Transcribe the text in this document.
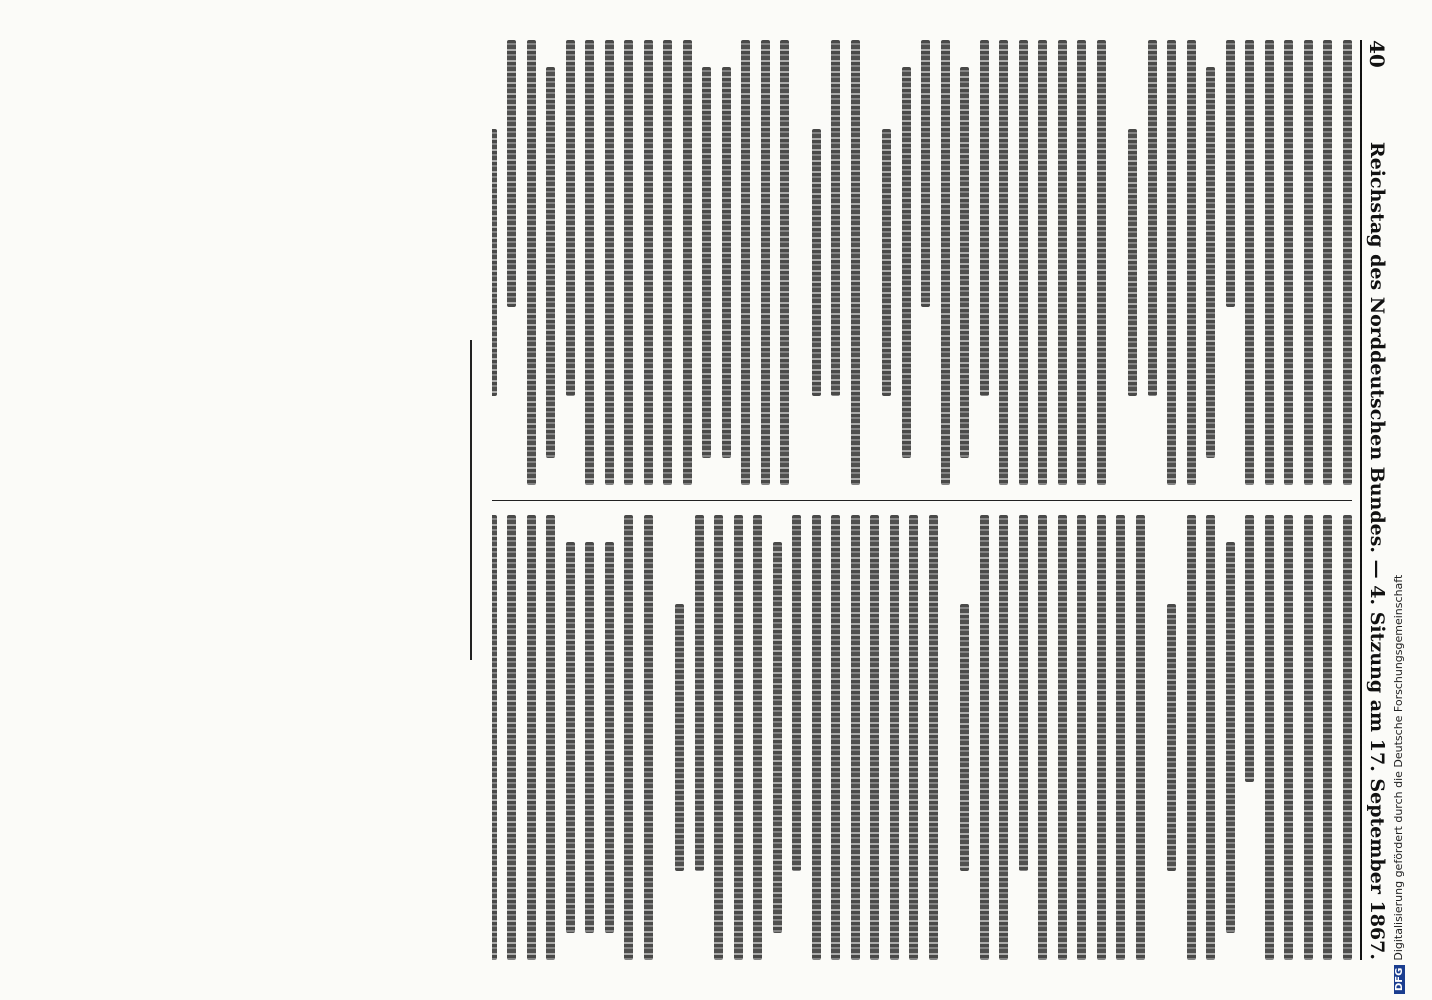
40
Reichstag des Norddeutschen Bundes. — 4. Sitzung am 17. September 1867.
DFGDigitalisierung gefördert durch die Deutsche Forschungsgemeinschaft
